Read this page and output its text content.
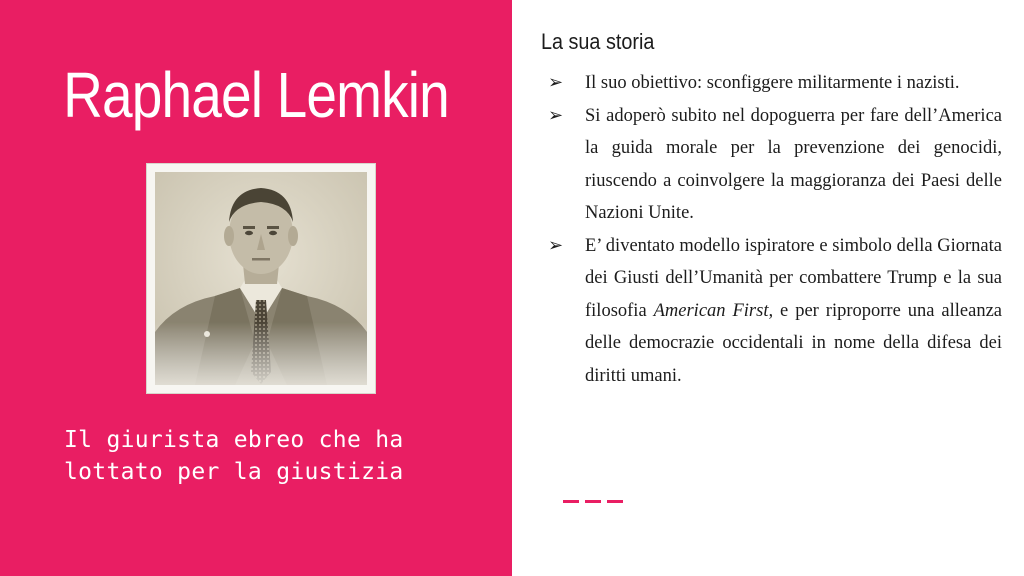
Raphael Lemkin
Il giurista ebreo che ha
lottato per la giustizia
La sua storia
➢ Il suo obiettivo: sconfiggere militarmente i nazisti.
➢ Si adoperò subito nel dopoguerra per fare dell’America la guida morale per la prevenzione dei genocidi, riuscendo a coinvolgere la maggioranza dei Paesi delle Nazioni Unite.
➢ E’ diventato modello ispiratore e simbolo della Giornata dei Giusti dell’Umanità per combattere Trump e la sua filosofia American First, e per riproporre una alleanza delle democrazie occidentali in nome della difesa dei diritti umani.
